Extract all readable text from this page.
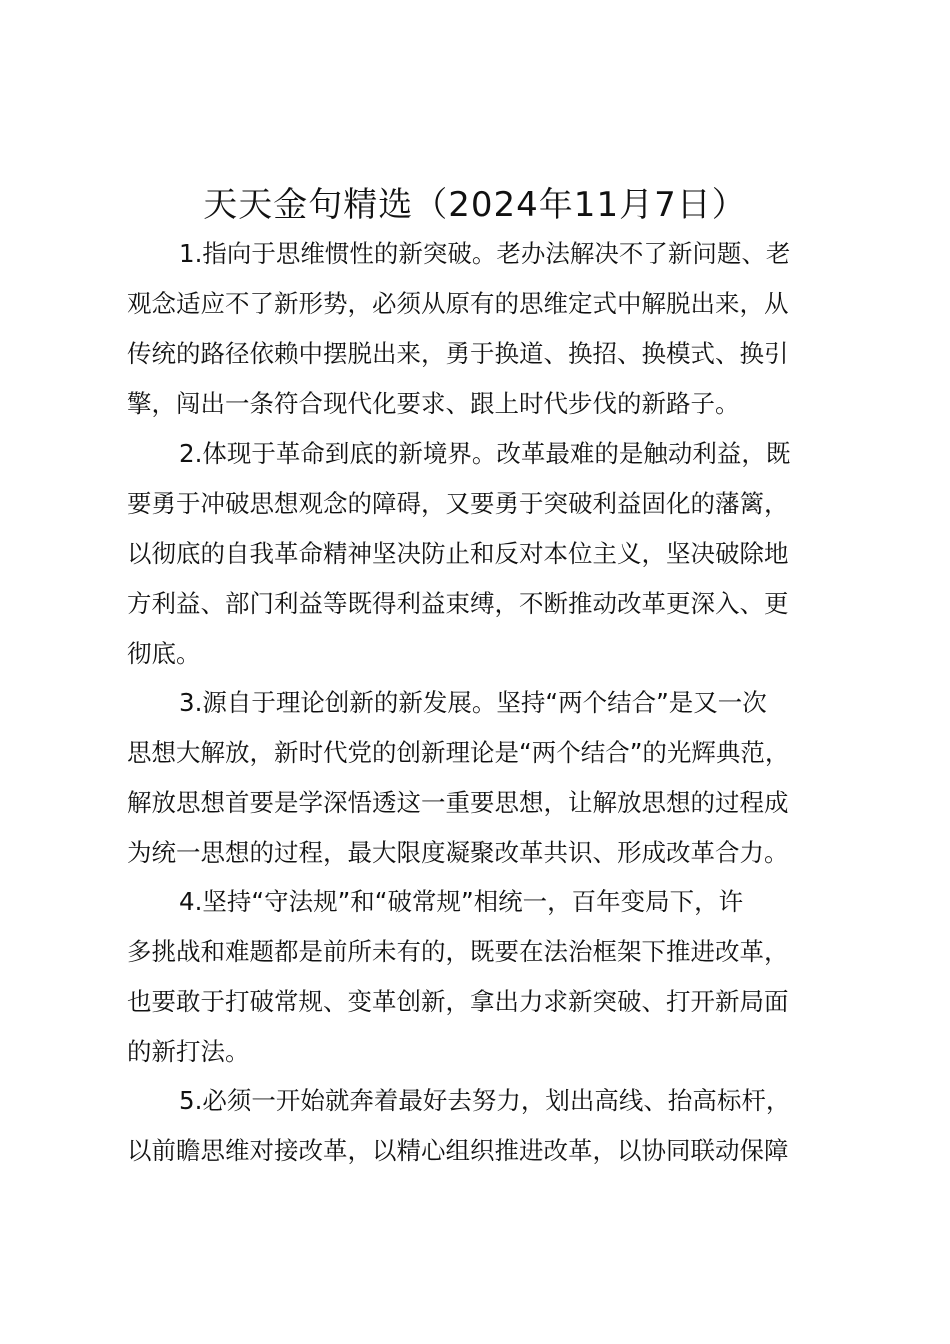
天天金句精选（2024年11月7日）
1.指向于思维惯性的新突破。老办法解决不了新问题、老
观念适应不了新形势，必须从原有的思维定式中解脱出来，从
传统的路径依赖中摆脱出来，勇于换道、换招、换模式、换引
擎，闯出一条符合现代化要求、跟上时代步伐的新路子。
2.体现于革命到底的新境界。改革最难的是触动利益，既
要勇于冲破思想观念的障碍，又要勇于突破利益固化的藩篱，
以彻底的自我革命精神坚决防止和反对本位主义，坚决破除地
方利益、部门利益等既得利益束缚，不断推动改革更深入、更
彻底。
3.源自于理论创新的新发展。坚持“两个结合”是又一次
思想大解放，新时代党的创新理论是“两个结合”的光辉典范，
解放思想首要是学深悟透这一重要思想，让解放思想的过程成
为统一思想的过程，最大限度凝聚改革共识、形成改革合力。
4.坚持“守法规”和“破常规”相统一，百年变局下，许
多挑战和难题都是前所未有的，既要在法治框架下推进改革，
也要敢于打破常规、变革创新，拿出力求新突破、打开新局面
的新打法。
5.必须一开始就奔着最好去努力，划出高线、抬高标杆，
以前瞻思维对接改革，以精心组织推进改革，以协同联动保障
